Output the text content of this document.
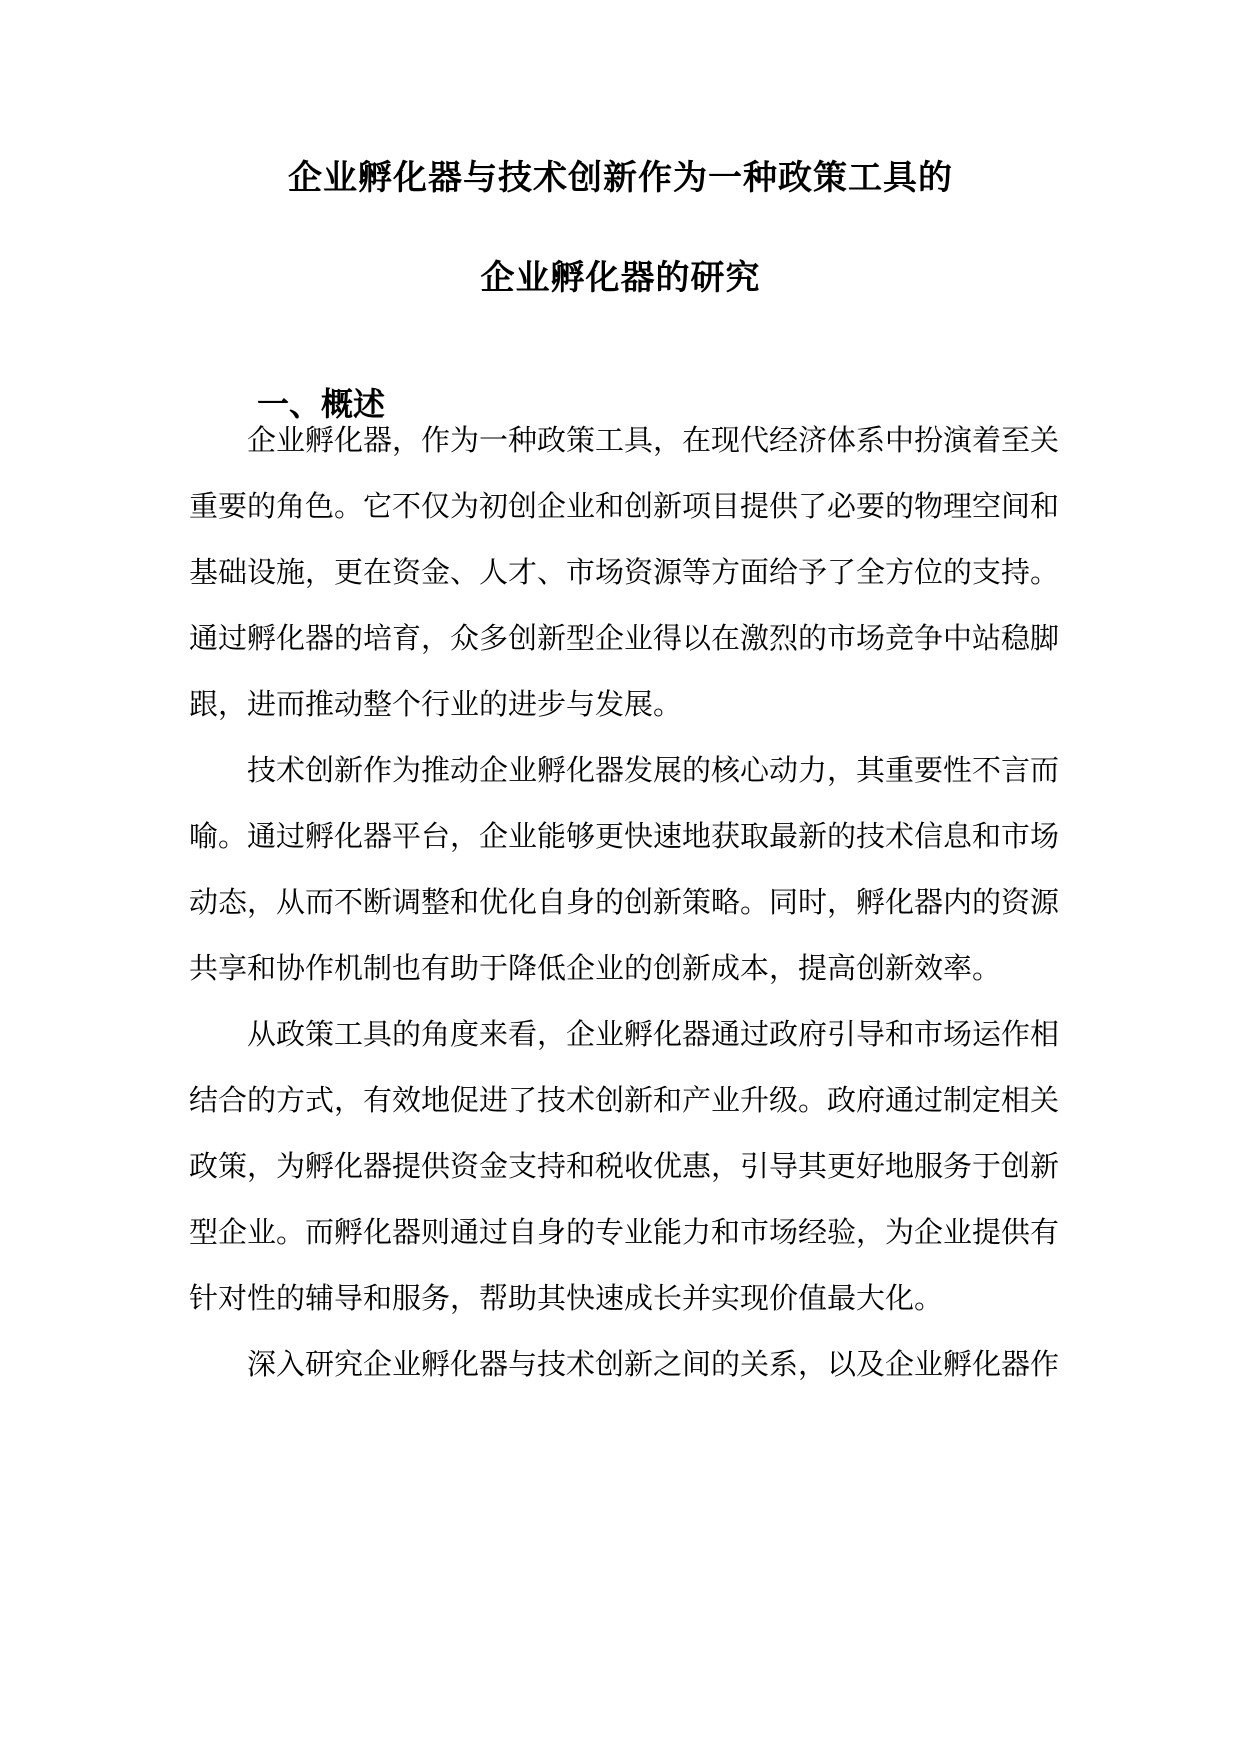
企业孵化器与技术创新作为一种政策工具的
企业孵化器的研究
一、概述
企业孵化器，作为一种政策工具，在现代经济体系中扮演着至关
重要的角色。它不仅为初创企业和创新项目提供了必要的物理空间和
基础设施，更在资金、人才、市场资源等方面给予了全方位的支持。
通过孵化器的培育，众多创新型企业得以在激烈的市场竞争中站稳脚
跟，进而推动整个行业的进步与发展。
技术创新作为推动企业孵化器发展的核心动力，其重要性不言而
喻。通过孵化器平台，企业能够更快速地获取最新的技术信息和市场
动态，从而不断调整和优化自身的创新策略。同时，孵化器内的资源
共享和协作机制也有助于降低企业的创新成本，提高创新效率。
从政策工具的角度来看，企业孵化器通过政府引导和市场运作相
结合的方式，有效地促进了技术创新和产业升级。政府通过制定相关
政策，为孵化器提供资金支持和税收优惠，引导其更好地服务于创新
型企业。而孵化器则通过自身的专业能力和市场经验，为企业提供有
针对性的辅导和服务，帮助其快速成长并实现价值最大化。
深入研究企业孵化器与技术创新之间的关系，以及企业孵化器作
